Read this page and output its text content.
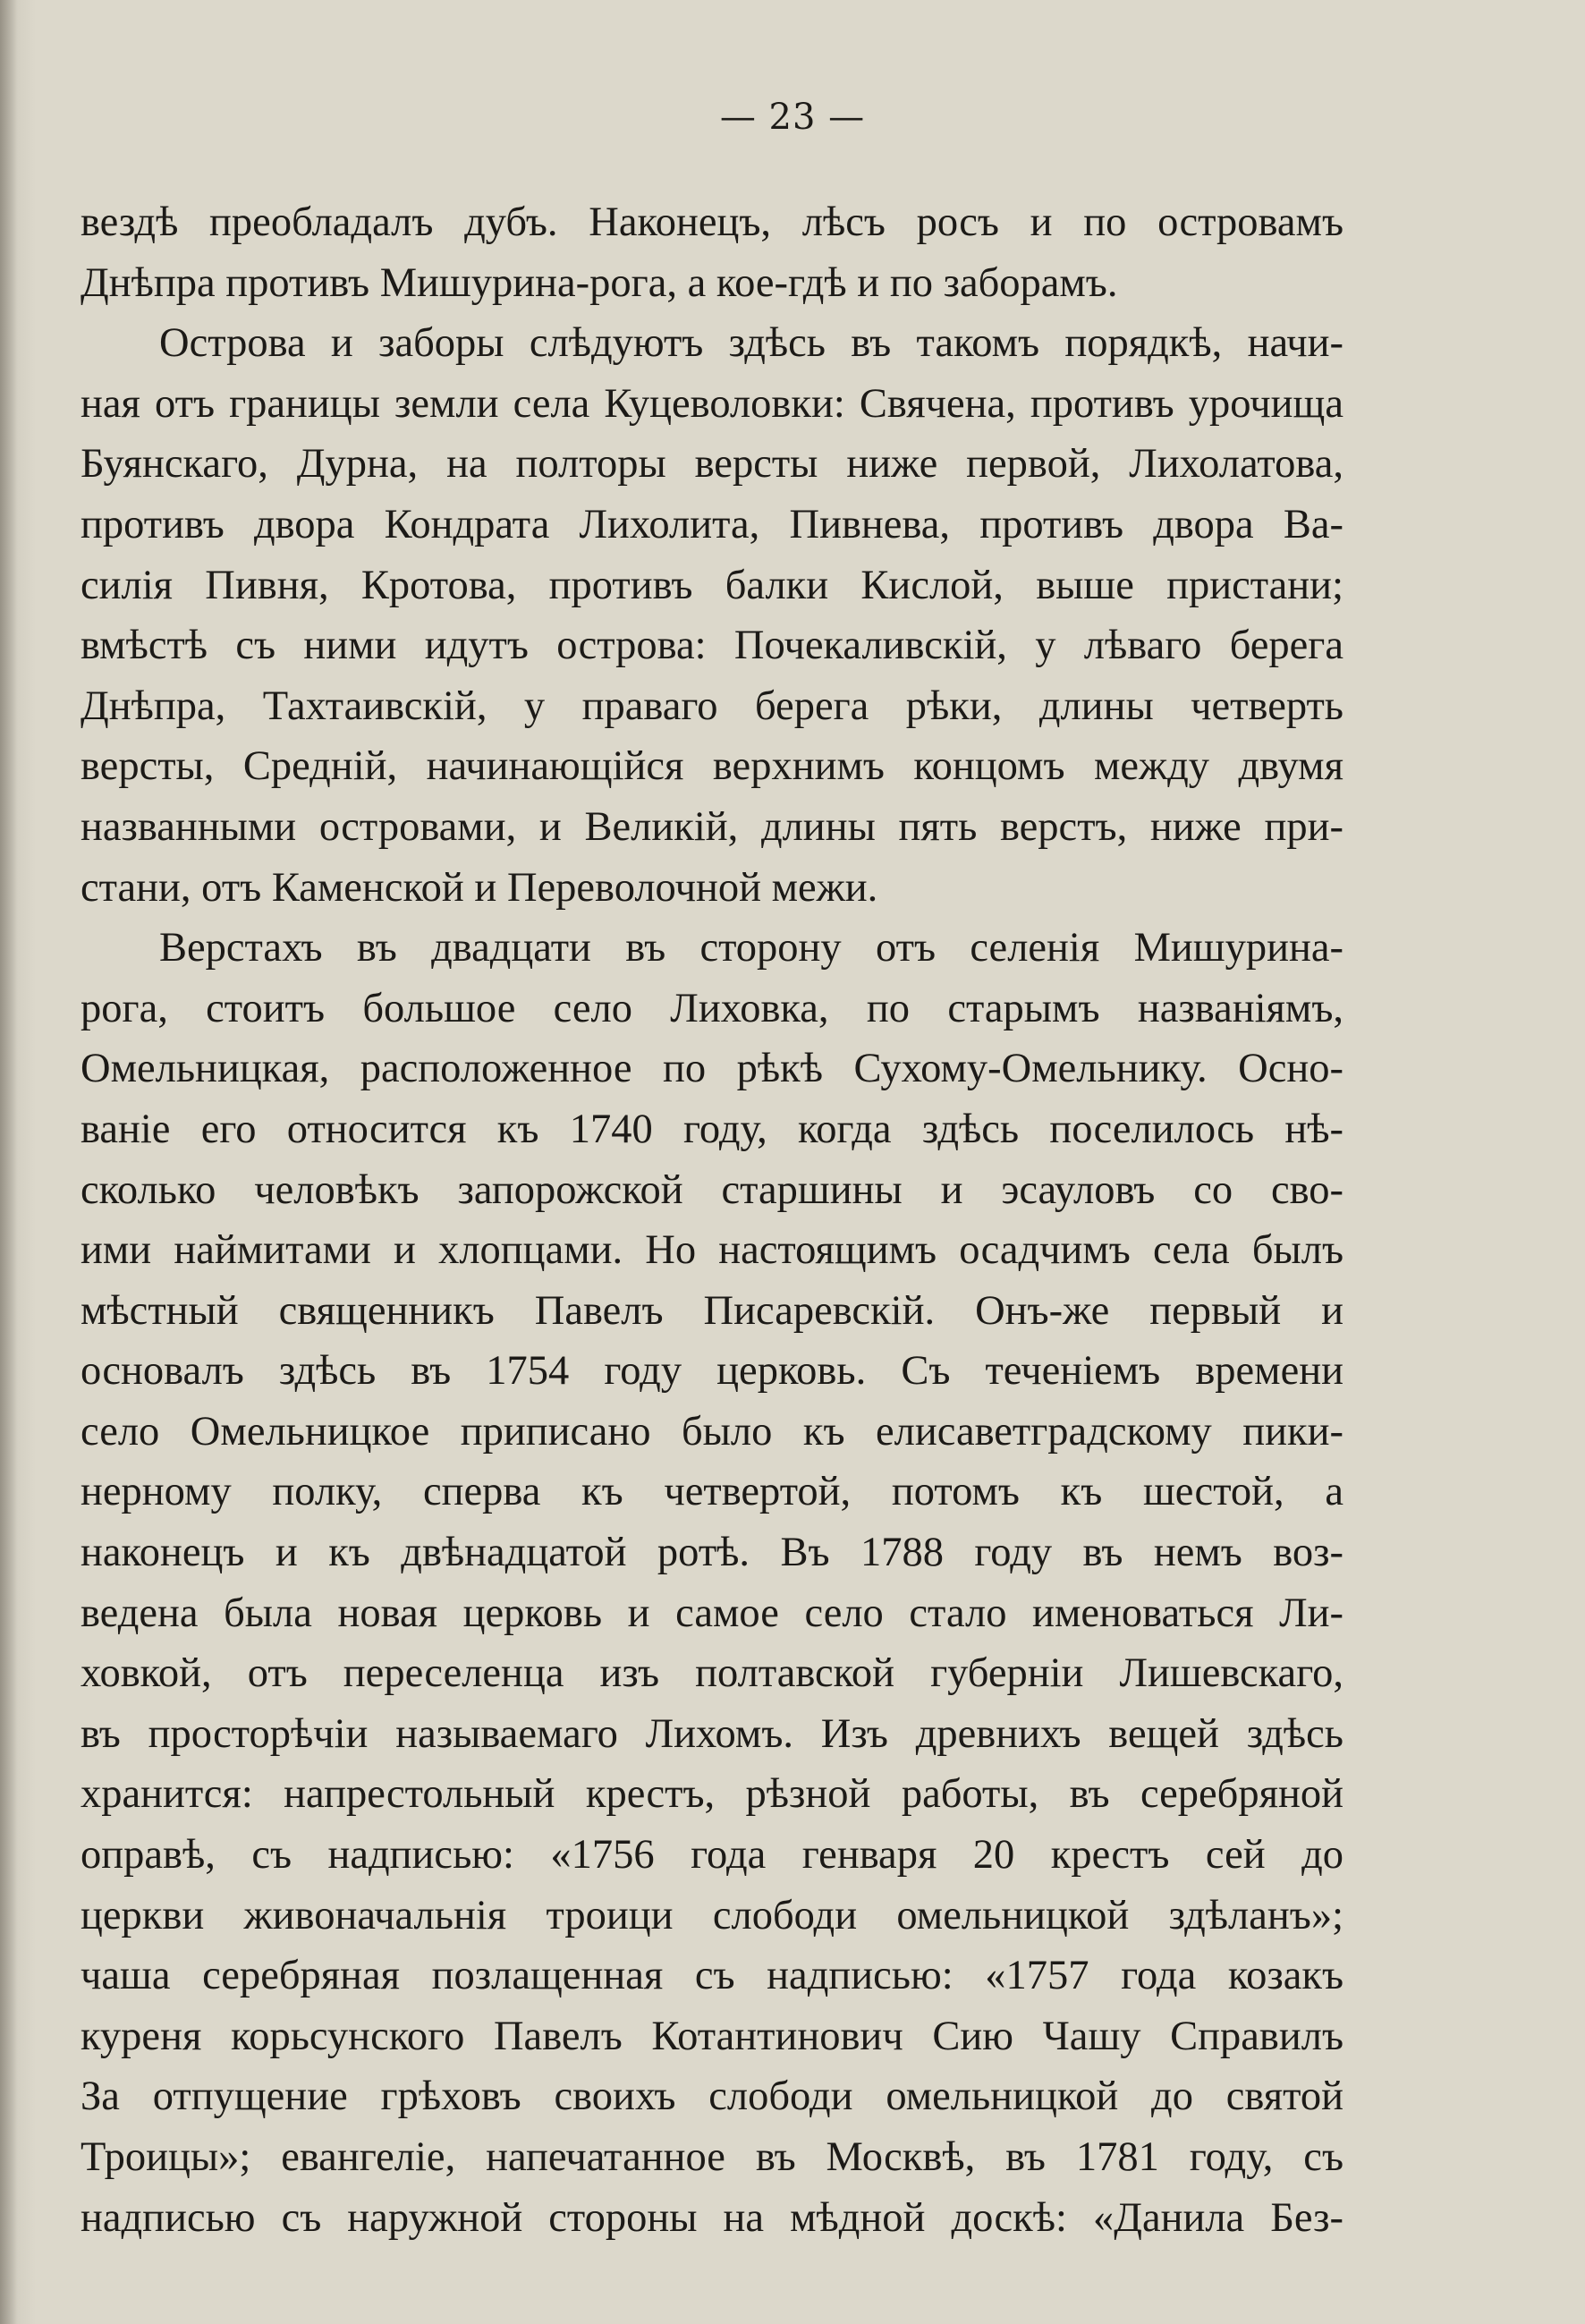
— 23 —
вездѣ преобладалъ дубъ. Наконецъ, лѣсъ росъ и по островамъ
Днѣпра противъ Мишурина-рога, а кое-гдѣ и по заборамъ.
Острова и заборы слѣдуютъ здѣсь въ такомъ порядкѣ, начи-
ная отъ границы земли села Куцеволовки: Свячена, противъ урочища
Буянскаго, Дурна, на полторы версты ниже первой, Лихолатова,
противъ двора Кондрата Лихолита, Пивнева, противъ двора Ва-
силія Пивня, Кротова, противъ балки Кислой, выше пристани;
вмѣстѣ съ ними идутъ острова: Почекаливскій, у лѣваго берега
Днѣпра, Тахтаивскій, у праваго берега рѣки, длины четверть
версты, Средній, начинающійся верхнимъ концомъ между двумя
названными островами, и Великій, длины пять верстъ, ниже при-
стани, отъ Каменской и Переволочной межи.
Верстахъ въ двадцати въ сторону отъ селенія Мишурина-
рога, стоитъ большое село Лиховка, по старымъ названіямъ,
Омельницкая, расположенное по рѣкѣ Сухому-Омельнику. Осно-
ваніе его относится къ 1740 году, когда здѣсь поселилось нѣ-
сколько человѣкъ запорожской старшины и эсауловъ со сво-
ими наймитами и хлопцами. Но настоящимъ осадчимъ села былъ
мѣстный священникъ Павелъ Писаревскій. Онъ-же первый и
основалъ здѣсь въ 1754 году церковь. Съ теченіемъ времени
село Омельницкое приписано было къ елисаветградскому пики-
нерному полку, сперва къ четвертой, потомъ къ шестой, а
наконецъ и къ двѣнадцатой ротѣ. Въ 1788 году въ немъ воз-
ведена была новая церковь и самое село стало именоваться Ли-
ховкой, отъ переселенца изъ полтавской губерніи Лишевскаго,
въ просторѣчіи называемаго Лихомъ. Изъ древнихъ вещей здѣсь
хранится: напрестольный крестъ, рѣзной работы, въ серебряной
оправѣ, съ надписью: «1756 года генваря 20 крестъ сей до
церкви живоначальнія троици слободи омельницкой здѣланъ»;
чаша серебряная позлащенная съ надписью: «1757 года козакъ
куреня корьсунского Павелъ Котантинович Сию Чашу Справилъ
За отпущение грѣховъ своихъ слободи омельницкой до святой
Троицы»; евангеліе, напечатанное въ Москвѣ, въ 1781 году, съ
надписью съ наружной стороны на мѣдной доскѣ: «Данила Без-
